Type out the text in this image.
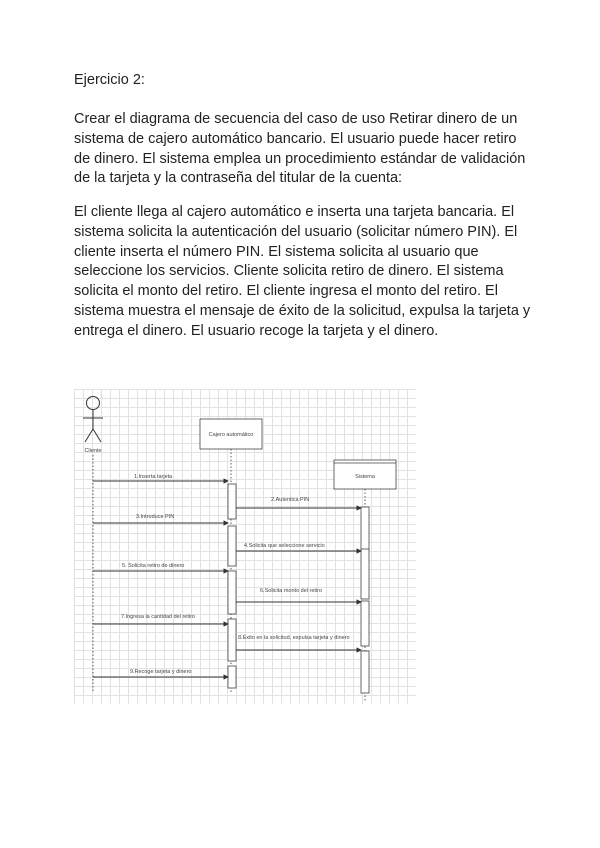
Ejercicio 2:

Crear el diagrama de secuencia del caso de uso Retirar dinero de un sistema de cajero automático bancario. El usuario puede hacer retiro de dinero. El sistema emplea un procedimiento estándar de validación de la tarjeta y la contraseña del titular de la cuenta:

El cliente llega al cajero automático e inserta una tarjeta bancaria. El sistema solicita la autenticación del usuario (solicitar número PIN). El cliente inserta el número PIN. El sistema solicita al usuario que seleccione los servicios. Cliente solicita retiro de dinero. El sistema solicita el monto del retiro. El cliente ingresa el monto del retiro. El sistema muestra el mensaje de éxito de la solicitud, expulsa la tarjeta y entrega el dinero. El usuario recoge la tarjeta y el dinero.

Cliente
Cajero automático
Sistema
1.Inserta tarjeta
2.Autentica PIN
3.Introduce PIN
4.Solicita que seleccione servicio
5. Solicita retiro de dinero
6.Solicita monto del retiro
7.Ingresa la cantidad del retiro
8.Éxito en la solicitud, expulsa tarjeta y dinero
9.Recoge tarjeta y dinero
